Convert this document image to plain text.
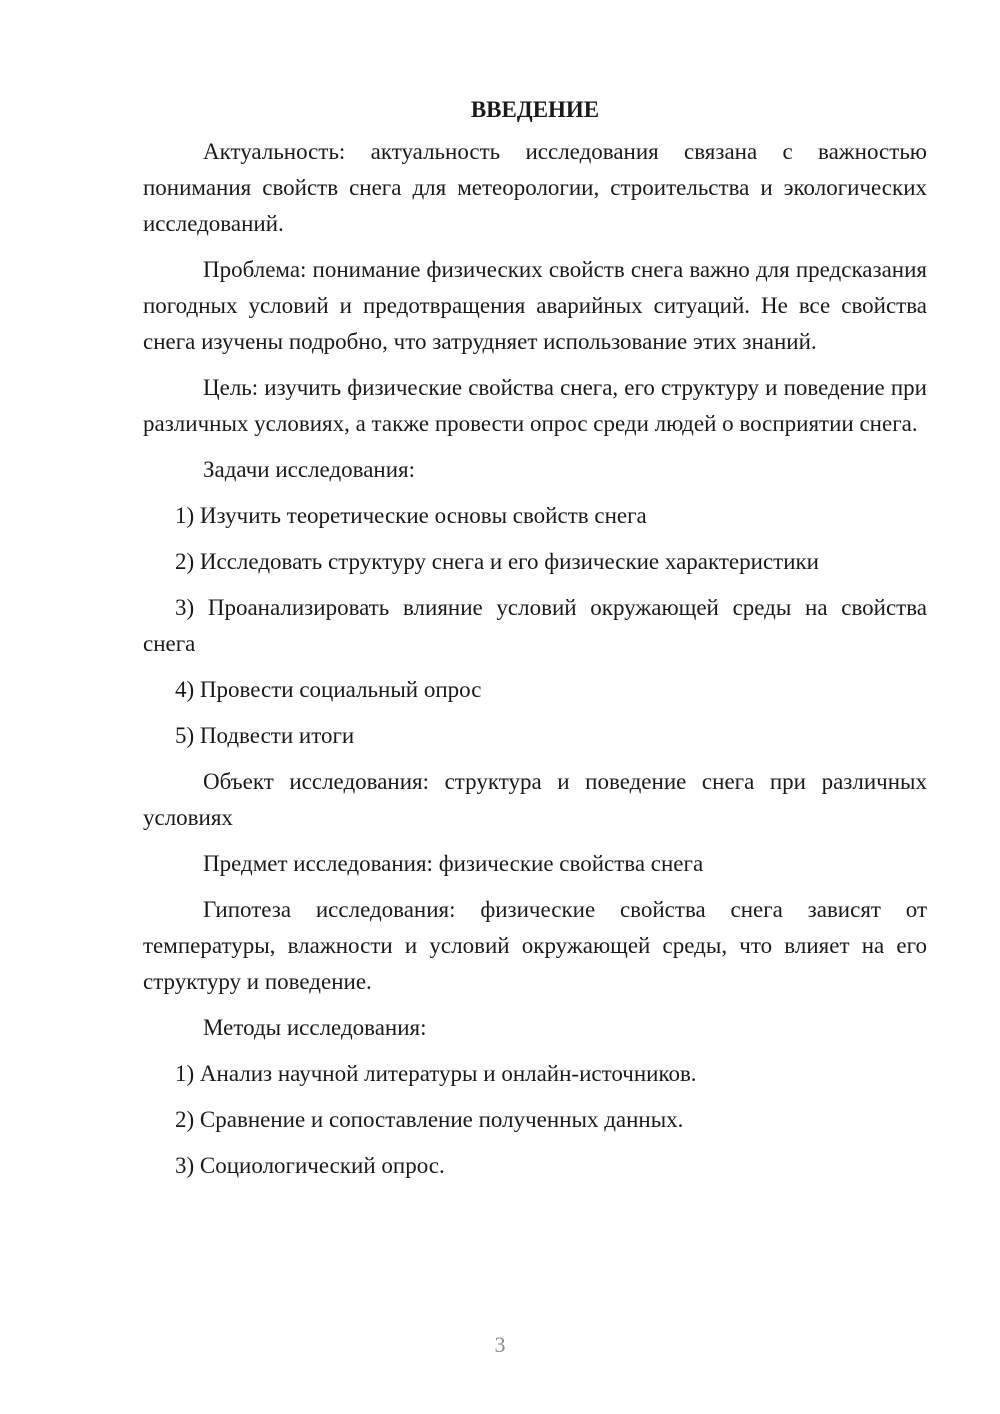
ВВЕДЕНИЕ

Актуальность: актуальность исследования связана с важностью понимания свойств снега для метеорологии, строительства и экологических исследований.

Проблема: понимание физических свойств снега важно для предсказания погодных условий и предотвращения аварийных ситуаций. Не все свойства снега изучены подробно, что затрудняет использование этих знаний.

Цель: изучить физические свойства снега, его структуру и поведение при различных условиях, а также провести опрос среди людей о восприятии снега.

Задачи исследования:

1) Изучить теоретические основы свойств снега

2) Исследовать структуру снега и его физические характеристики

3) Проанализировать влияние условий окружающей среды на свойства снега

4) Провести социальный опрос

5) Подвести итоги

Объект исследования: структура и поведение снега при различных условиях

Предмет исследования: физические свойства снега

Гипотеза исследования: физические свойства снега зависят от температуры, влажности и условий окружающей среды, что влияет на его структуру и поведение.

Методы исследования:

1) Анализ научной литературы и онлайн-источников.

2) Сравнение и сопоставление полученных данных.

3) Социологический опрос.

3
